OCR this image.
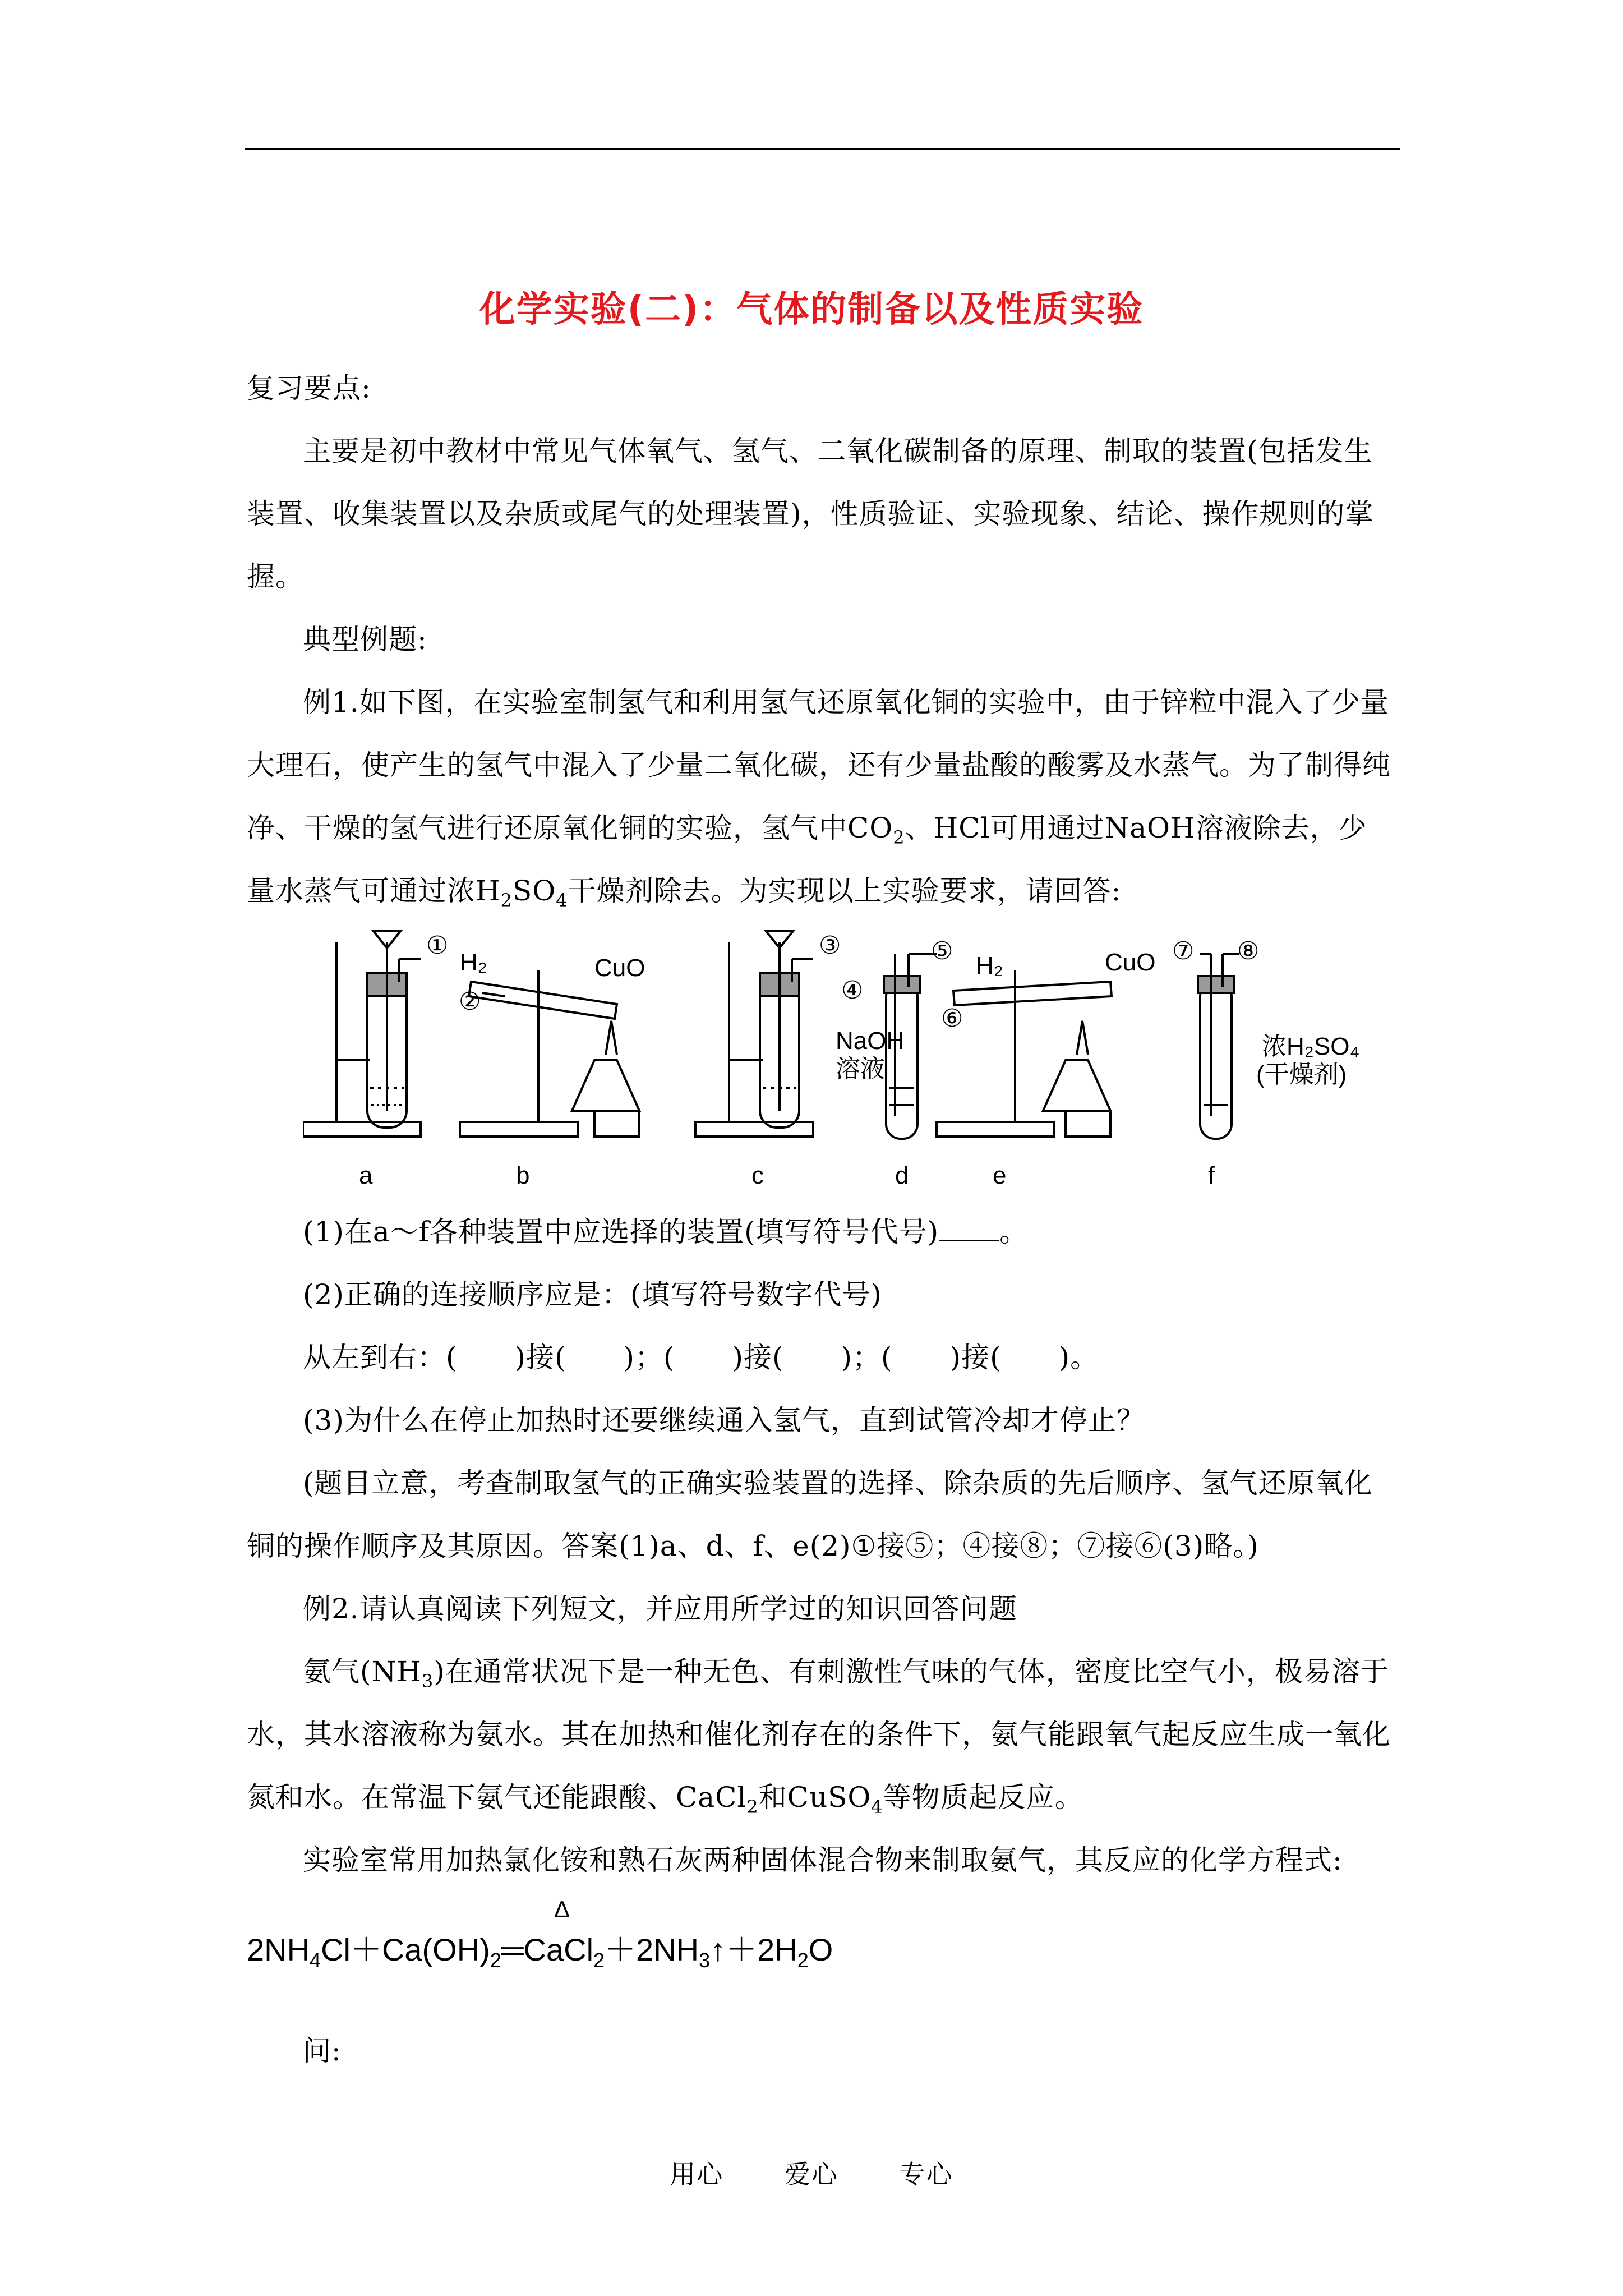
化学实验(二)：气体的制备以及性质实验
复习要点:
主要是初中教材中常见气体氧气、氢气、二氧化碳制备的原理、制取的装置(包括发生装置、收集装置以及杂质或尾气的处理装置)，性质验证、实验现象、结论、操作规则的掌握。
典型例题:
例1.如下图，在实验室制氢气和利用氢气还原氧化铜的实验中，由于锌粒中混入了少量大理石，使产生的氢气中混入了少量二氧化碳，还有少量盐酸的酸雾及水蒸气。为了制得纯净、干燥的氢气进行还原氧化铜的实验，氢气中$CO_2$、HCl可用通过NaOH溶液除去，少量水蒸气可通过浓$H_2SO_4$干燥剂除去。为实现以上实验要求，请回答:
①
H₂
②
CuO
③
④
⑤
NaOH
溶液
H₂
⑥
CuO ⑦ ⑧
浓H₂SO₄
(干燥剂)
a	b	c	d	e	f
(1)在a～f各种装置中应选择的装置(填写符号代号) 。
(2)正确的连接顺序应是：(填写符号数字代号)
从左到右：(　　)接(　　)；(　　)接(　　)；(　　)接(　　)。
(3)为什么在停止加热时还要继续通入氢气，直到试管冷却才停止？
(题目立意，考查制取氢气的正确实验装置的选择、除杂质的先后顺序、氢气还原氧化铜的操作顺序及其原因。答案(1)a、d、f、e(2)①接⑤；④接⑧；⑦接⑥(3)略。)
例2.请认真阅读下列短文，并应用所学过的知识回答问题
氨气$(NH_3)$在通常状况下是一种无色、有刺激性气味的气体，密度比空气小，极易溶于水，其水溶液称为氨水。其在加热和催化剂存在的条件下，氨气能跟氧气起反应生成一氧化氮和水。在常温下氨气还能跟酸、CaCl$_2$和CuSO$_4$等物质起反应。
实验室常用加热氯化铵和熟石灰两种固体混合物来制取氨气，其反应的化学方程式:
Δ
$2NH_4Cl+Ca(OH)_2═CaCl_2+2NH_3↑+2H_2O$
问:
用心 爱心 专心
